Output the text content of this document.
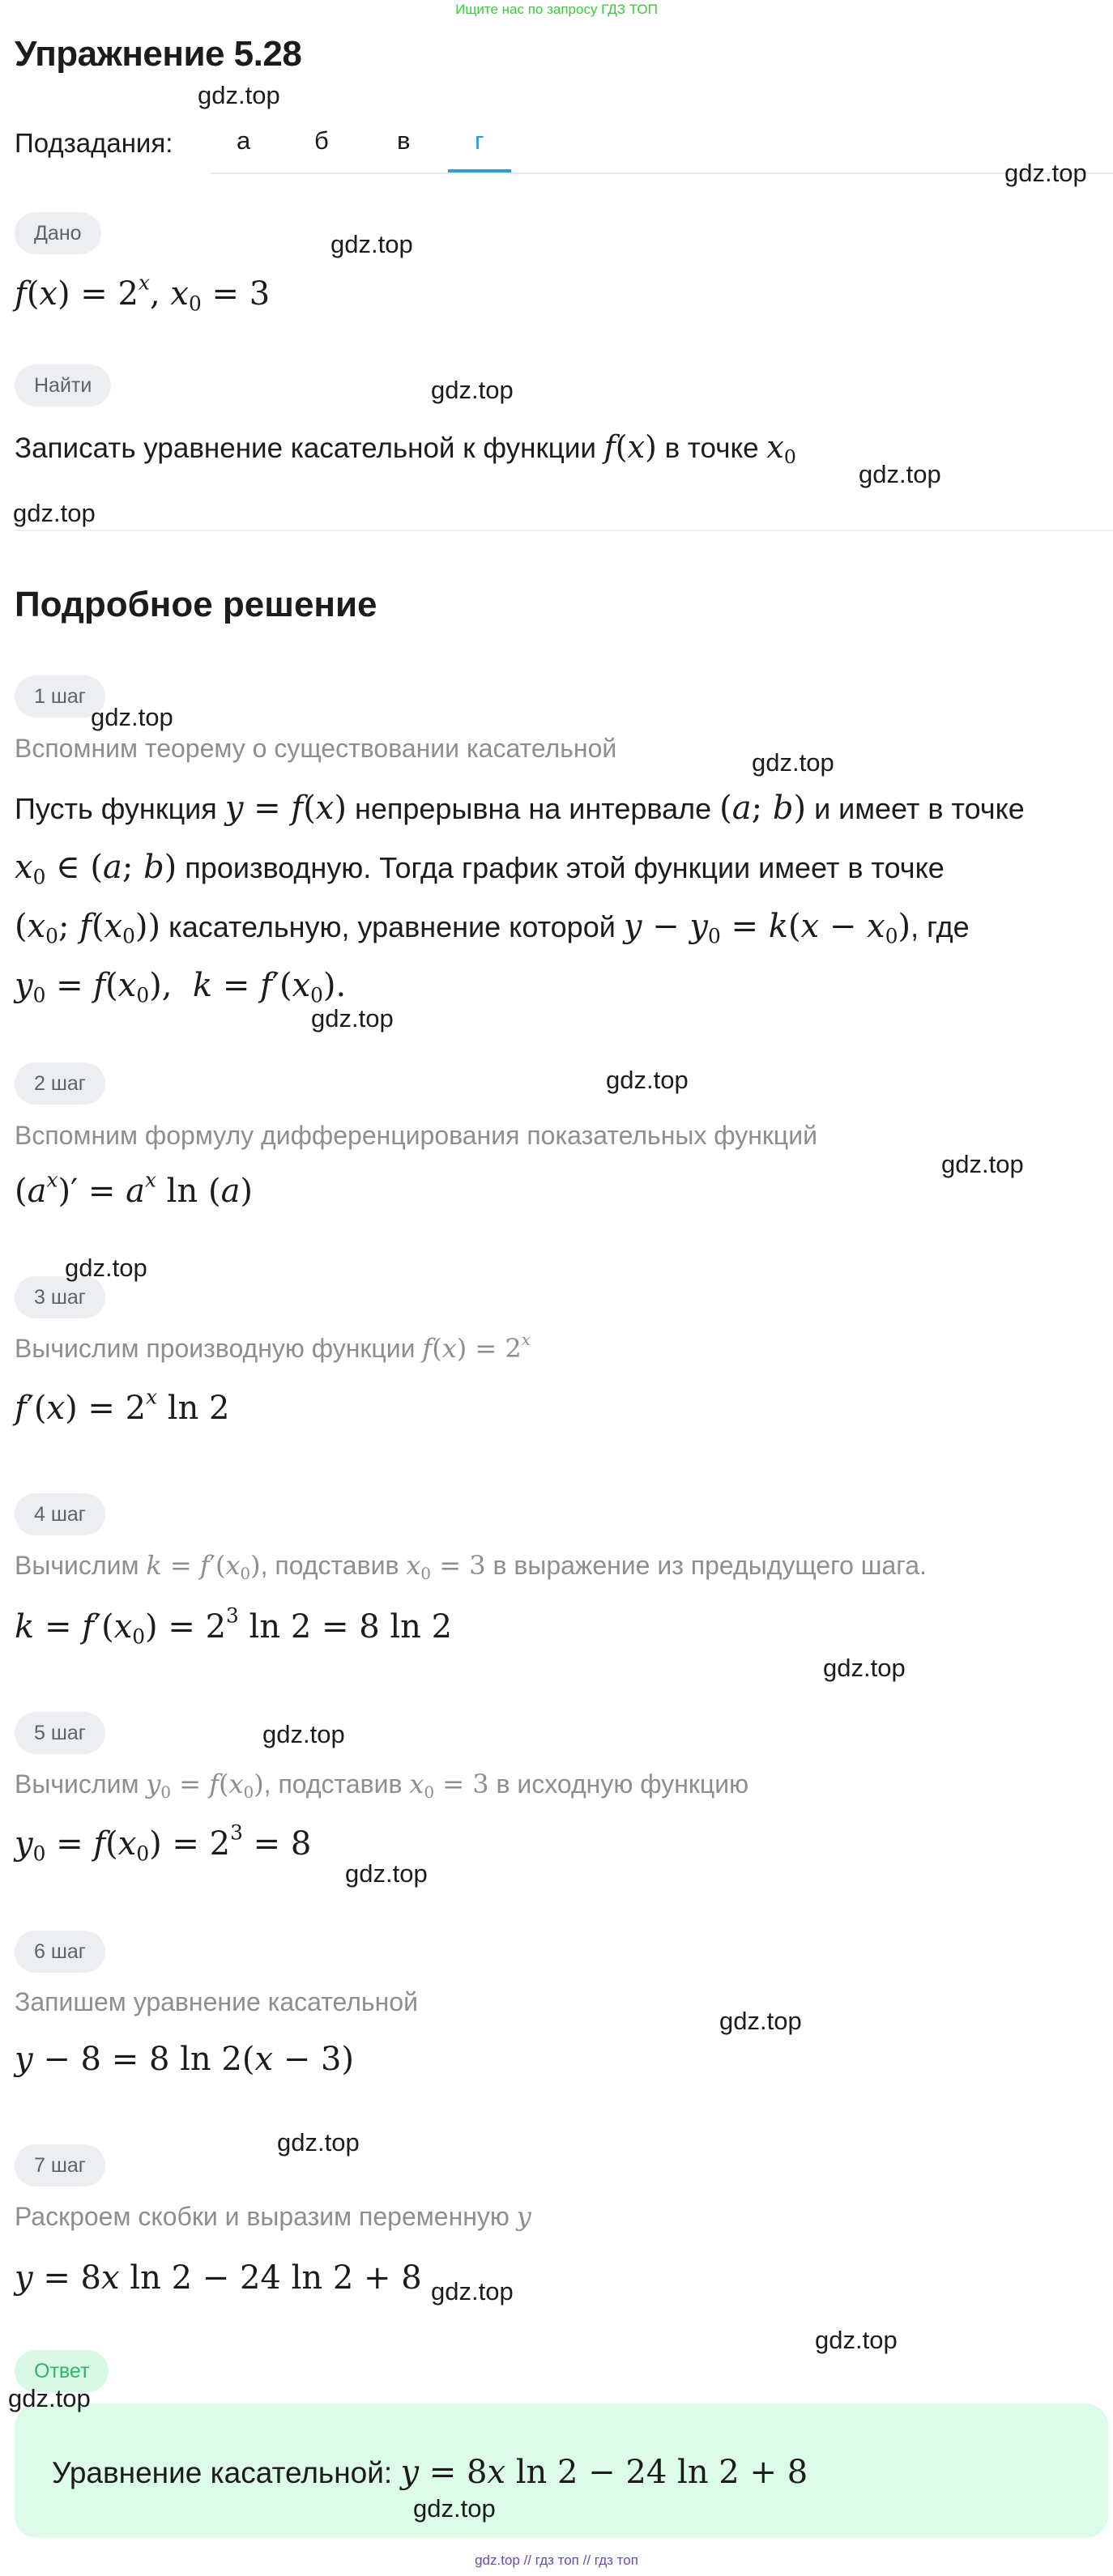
Ищите нас по запросу ГДЗ ТОП
Упражнение 5.28
Подзадания:	а	б	в	г
Дано
$f(x) = 2^x$, $x_0 = 3$
Найти
Записать уравнение касательной к функции f(x) в точке $x_0$
Подробное решение
1 шаг
Вспомним теорему о существовании касательной
Пусть функция y = f(x) непрерывна на интервале (a; b) и имеет в точке
$x_0$ ∈ (a; b) производную. Тогда график этой функции имеет в точке
($x_0$; $f(x_0)$) касательную, уравнение которой $y - y_0 = k(x - x_0)$, где
$y_0 = f(x_0)$,  $k = f'(x_0)$.
2 шаг
Вспомним формулу дифференцирования показательных функций
$(a^x)' = a^x$ ln (a)
3 шаг
Вычислим производную функции $f(x) = 2^x$
$f'(x) = 2^x$ ln 2
4 шаг
Вычислим $k = f'(x_0)$, подставив $x_0 = 3$ в выражение из предыдущего шага.
$k = f'(x_0) = 2^3$ ln 2 = 8 ln 2
5 шаг
Вычислим $y_0 = f(x_0)$, подставив $x_0 = 3$ в исходную функцию
$y_0 = f(x_0) = 2^3 = 8$
6 шаг
Запишем уравнение касательной
y − 8 = 8 ln 2(x − 3)
7 шаг
Раскроем скобки и выразим переменную y
y = 8x ln 2 − 24 ln 2 + 8
Ответ
Уравнение касательной: y = 8x ln 2 − 24 ln 2 + 8
gdz.top
gdz.top
gdz.top
gdz.top
gdz.top
gdz.top
gdz.top
gdz.top
gdz.top
gdz.top
gdz.top
gdz.top
gdz.top
gdz.top
gdz.top
gdz.top
gdz.top
gdz.top
gdz.top
gdz.top
gdz.top
gdz.top // гдз топ // гдз топ
